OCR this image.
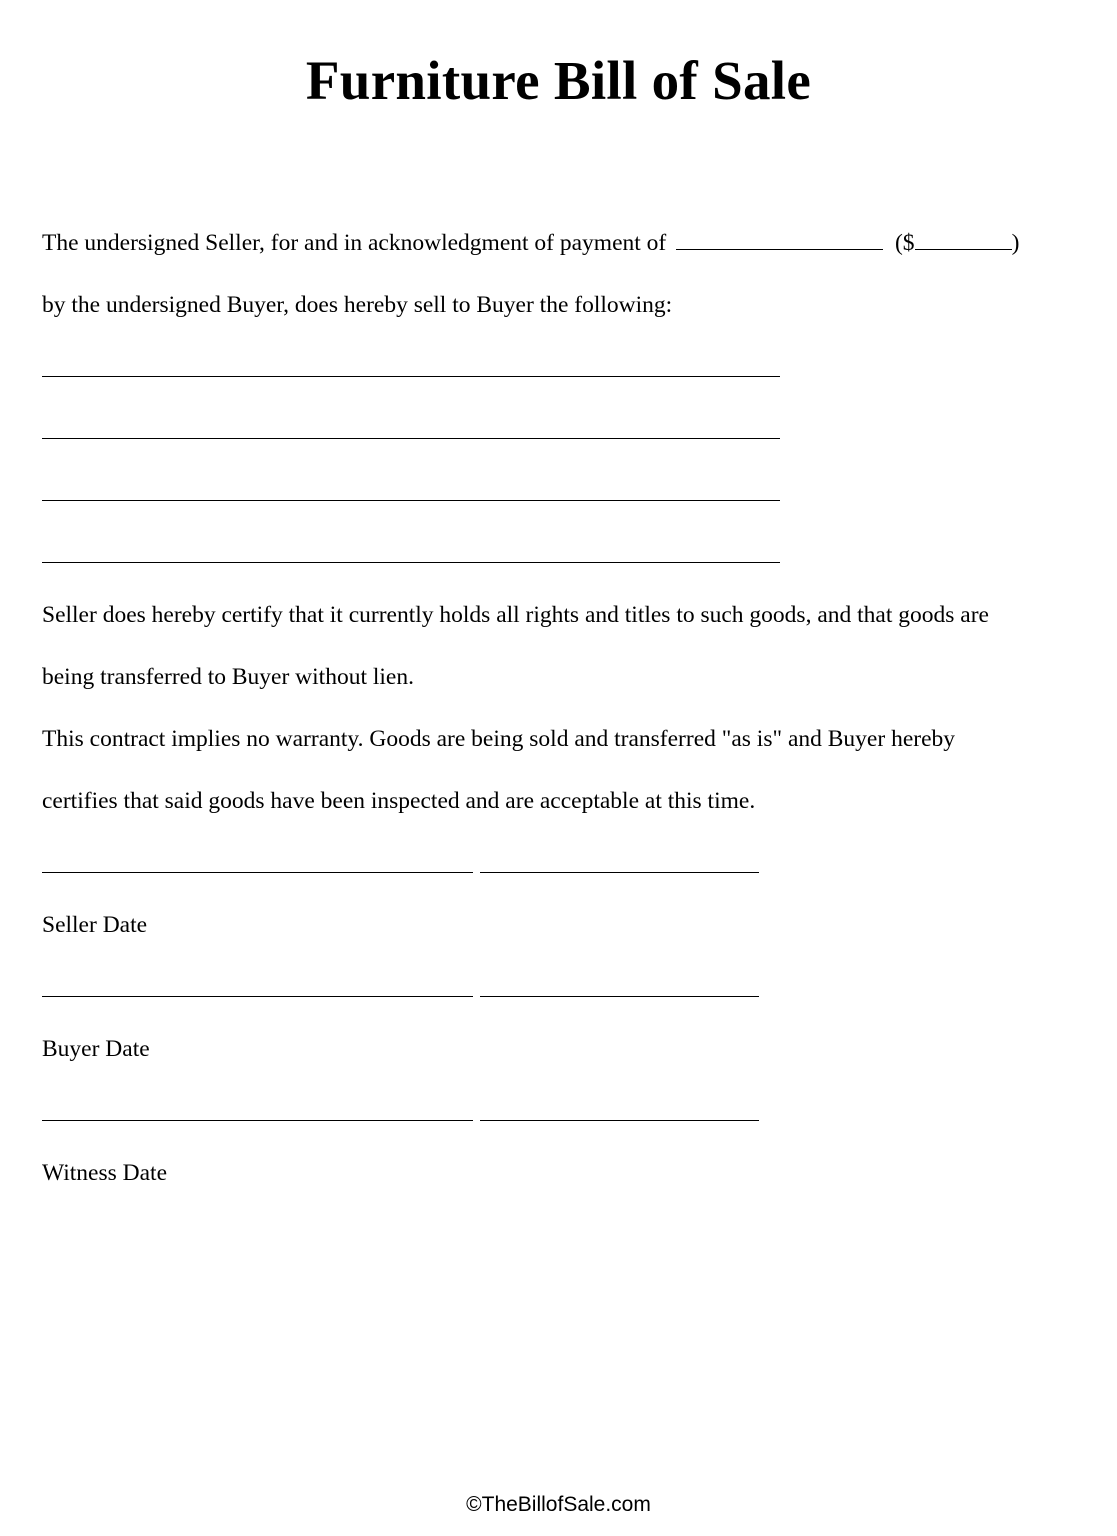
Furniture Bill of Sale
The undersigned Seller, for and in acknowledgment of payment of	($	)
by the undersigned Buyer, does hereby sell to Buyer the following:
Seller does hereby certify that it currently holds all rights and titles to such goods, and that goods are
being transferred to Buyer without lien.
This contract implies no warranty. Goods are being sold and transferred "as is" and Buyer hereby
certifies that said goods have been inspected and are acceptable at this time.
Seller Date
Buyer Date
Witness Date
©TheBillofSale.com
